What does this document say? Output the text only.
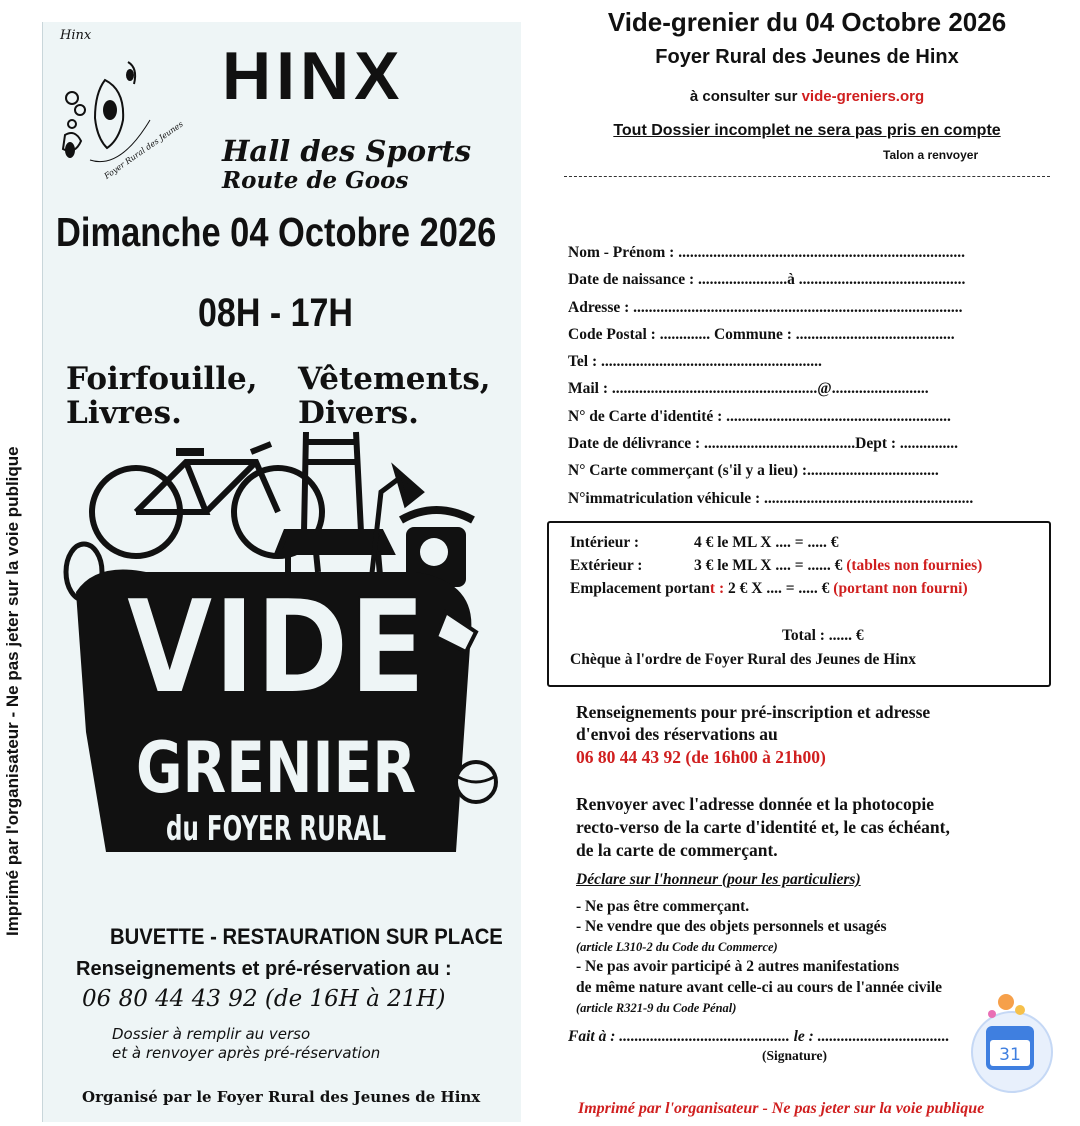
Imprimé par l'organisateur - Ne pas jeter sur la voie publique
Hinx
Foyer Rural des Jeunes
HINX
Hall des Sports
Route de Goos
Dimanche 04 Octobre 2026
08H - 17H
Foirfouille,
Livres.
Vêtements,
Divers.
VIDE
GRENIER
du FOYER RURAL
BUVETTE - RESTAURATION SUR PLACE
Renseignements et pré-réservation au :
06 80 44 43 92 (de 16H à 21H)
Dossier à remplir au verso
et à renvoyer après pré-réservation
Organisé par le Foyer Rural des Jeunes de Hinx
Vide-grenier du 04 Octobre 2026
Foyer Rural des Jeunes de Hinx
à consulter sur vide-greniers.org
Tout Dossier incomplet ne sera pas pris en compte
Talon a renvoyer
Nom - Prénom : ..........................................................................
Date de naissance : .......................à ...........................................
Adresse : .....................................................................................
Code Postal : ............. Commune : .........................................
Tel : .........................................................
Mail : .....................................................@.........................
N° de Carte d'identité : ..........................................................
Date de délivrance : .......................................Dept : ...............
N° Carte commerçant (s'il y a lieu) :..................................
N°immatriculation véhicule : ......................................................
Intérieur :	4 € le ML X .... = ..... €
Extérieur :	3 € le ML X .... = ...... € (tables non fournies)
Emplacement portant : 2 € X .... = ..... € (portant non fourni)
Total : ...... €
Chèque à l'ordre de Foyer Rural des Jeunes de Hinx
Renseignements pour pré-inscription et adresse
d'envoi des réservations au
06 80 44 43 92 (de 16h00 à 21h00)
Renvoyer avec l'adresse donnée et la photocopie
recto-verso de la carte d'identité et, le cas échéant,
de la carte de commerçant.
Déclare sur l'honneur (pour les particuliers)
- Ne pas être commerçant.
- Ne vendre que des objets personnels et usagés
(article L310-2 du Code du Commerce)
- Ne pas avoir participé à 2 autres manifestations
de même nature avant celle-ci au cours de l'année civile
(article R321-9 du Code Pénal)
Fait à : ............................................ le : ..................................
(Signature)
Imprimé par l'organisateur - Ne pas jeter sur la voie publique
31
